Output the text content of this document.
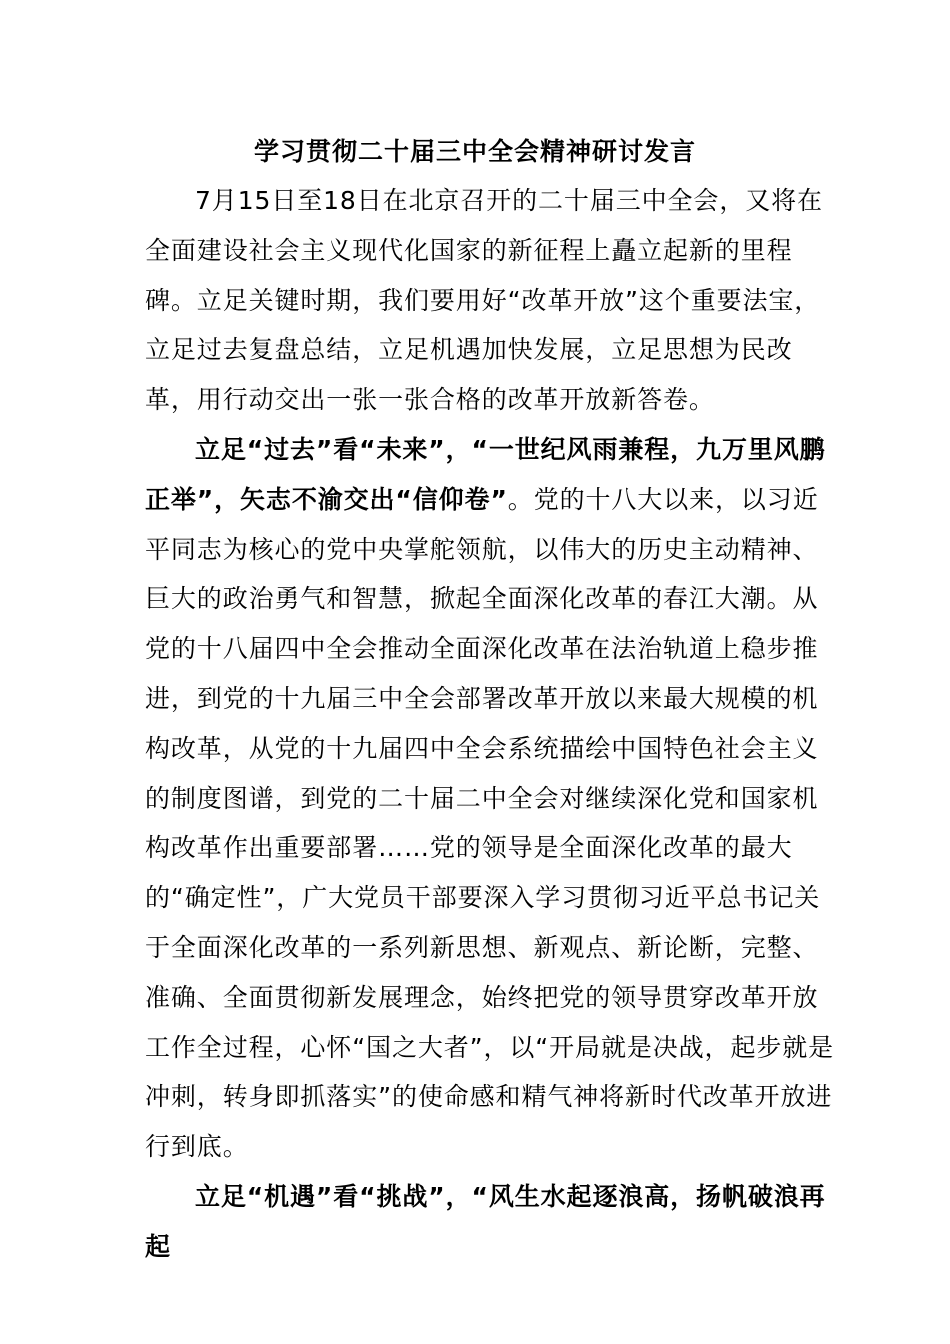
学习贯彻二十届三中全会精神研讨发言

7月15日至18日在北京召开的二十届三中全会，又将在全面建设社会主义现代化国家的新征程上矗立起新的里程碑。立足关键时期，我们要用好“改革开放”这个重要法宝，立足过去复盘总结，立足机遇加快发展，立足思想为民改革，用行动交出一张一张合格的改革开放新答卷。

立足“过去”看“未来”，“一世纪风雨兼程，九万里风鹏正举”，矢志不渝交出“信仰卷”。党的十八大以来，以习近平同志为核心的党中央掌舵领航，以伟大的历史主动精神、巨大的政治勇气和智慧，掀起全面深化改革的春江大潮。从党的十八届四中全会推动全面深化改革在法治轨道上稳步推进，到党的十九届三中全会部署改革开放以来最大规模的机构改革，从党的十九届四中全会系统描绘中国特色社会主义的制度图谱，到党的二十届二中全会对继续深化党和国家机构改革作出重要部署……党的领导是全面深化改革的最大的“确定性”，广大党员干部要深入学习贯彻习近平总书记关于全面深化改革的一系列新思想、新观点、新论断，完整、准确、全面贯彻新发展理念，始终把党的领导贯穿改革开放工作全过程，心怀“国之大者”，以“开局就是决战，起步就是冲刺，转身即抓落实”的使命感和精气神将新时代改革开放进行到底。

立足“机遇”看“挑战”，“风生水起逐浪高，扬帆破浪再起
